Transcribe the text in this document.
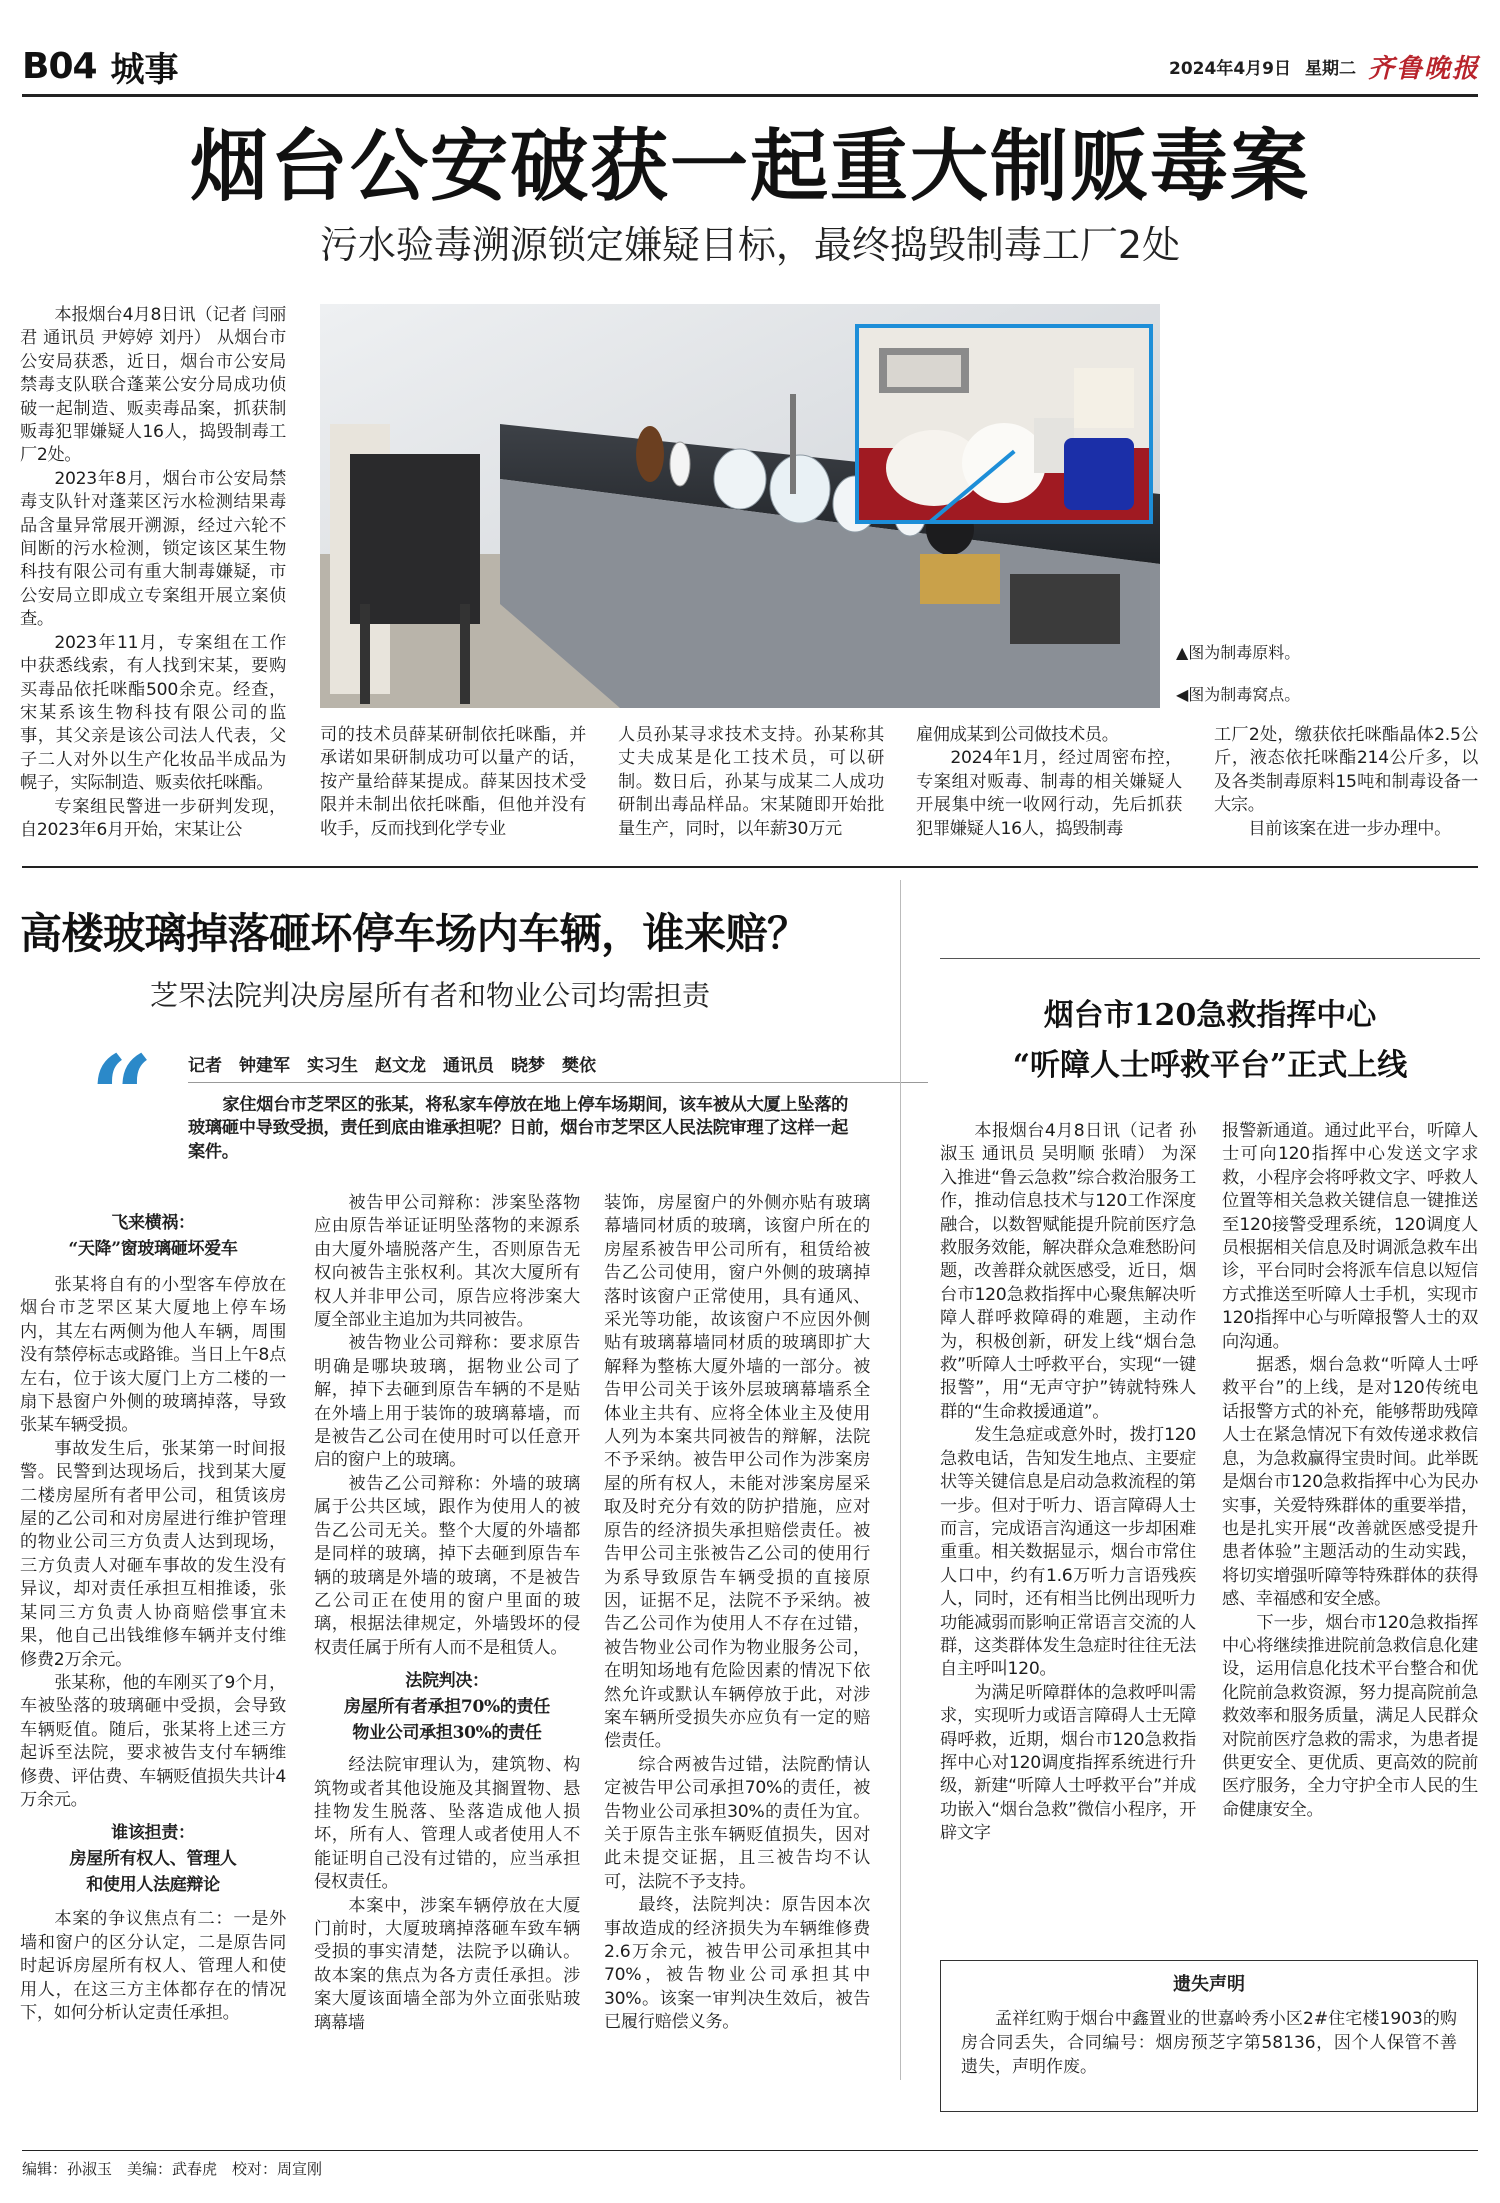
B04 城事	2024年4月9日 星期二 齐鲁晚报
烟台公安破获一起重大制贩毒案
污水验毒溯源锁定嫌疑目标，最终捣毁制毒工厂2处

本报烟台4月8日讯（记者 闫丽君 通讯员 尹婷婷 刘丹） 从烟台市公安局获悉，近日，烟台市公安局禁毒支队联合蓬莱公安分局成功侦破一起制造、贩卖毒品案，抓获制贩毒犯罪嫌疑人16人，捣毁制毒工厂2处。

2023年8月，烟台市公安局禁毒支队针对蓬莱区污水检测结果毒品含量异常展开溯源，经过六轮不间断的污水检测，锁定该区某生物科技有限公司有重大制毒嫌疑，市公安局立即成立专案组开展立案侦查。

2023年11月，专案组在工作中获悉线索，有人找到宋某，要购买毒品依托咪酯500余克。经查，宋某系该生物科技有限公司的监事，其父亲是该公司法人代表，父子二人对外以生产化妆品半成品为幌子，实际制造、贩卖依托咪酯。

专案组民警进一步研判发现，自2023年6月开始，宋某让公

▲图为制毒原料。
◀图为制毒窝点。

司的技术员薛某研制依托咪酯，并承诺如果研制成功可以量产的话，按产量给薛某提成。薛某因技术受限并未制出依托咪酯，但他并没有收手，反而找到化学专业

人员孙某寻求技术支持。孙某称其丈夫成某是化工技术员，可以研制。数日后，孙某与成某二人成功研制出毒品样品。宋某随即开始批量生产，同时，以年薪30万元

雇佣成某到公司做技术员。

2024年1月，经过周密布控，专案组对贩毒、制毒的相关嫌疑人开展集中统一收网行动，先后抓获犯罪嫌疑人16人，捣毁制毒

工厂2处，缴获依托咪酯晶体2.5公斤，液态依托咪酯214公斤多，以及各类制毒原料15吨和制毒设备一大宗。

目前该案在进一步办理中。

高楼玻璃掉落砸坏停车场内车辆，谁来赔？
芝罘法院判决房屋所有者和物业公司均需担责
“ 记者　钟建军　实习生　赵文龙　通讯员　晓梦　樊依
家住烟台市芝罘区的张某，将私家车停放在地上停车场期间，该车被从大厦上坠落的玻璃砸中导致受损，责任到底由谁承担呢？日前，烟台市芝罘区人民法院审理了这样一起案件。
飞来横祸：
“天降”窗玻璃砸坏爱车

张某将自有的小型客车停放在烟台市芝罘区某大厦地上停车场内，其左右两侧为他人车辆，周围没有禁停标志或路锥。当日上午8点左右，位于该大厦门上方二楼的一扇下悬窗户外侧的玻璃掉落，导致张某车辆受损。

事故发生后，张某第一时间报警。民警到达现场后，找到某大厦二楼房屋所有者甲公司，租赁该房屋的乙公司和对房屋进行维护管理的物业公司三方负责人达到现场，三方负责人对砸车事故的发生没有异议，却对责任承担互相推诿，张某同三方负责人协商赔偿事宜未果，他自己出钱维修车辆并支付维修费2万余元。

张某称，他的车刚买了9个月，车被坠落的玻璃砸中受损，会导致车辆贬值。随后，张某将上述三方起诉至法院，要求被告支付车辆维修费、评估费、车辆贬值损失共计4万余元。

谁该担责：
房屋所有权人、管理人
和使用人法庭辩论

本案的争议焦点有二：一是外墙和窗户的区分认定，二是原告同时起诉房屋所有权人、管理人和使用人，在这三方主体都存在的情况下，如何分析认定责任承担。

被告甲公司辩称：涉案坠落物应由原告举证证明坠落物的来源系由大厦外墙脱落产生，否则原告无权向被告主张权利。其次大厦所有权人并非甲公司，原告应将涉案大厦全部业主追加为共同被告。

被告物业公司辩称：要求原告明确是哪块玻璃，据物业公司了解，掉下去砸到原告车辆的不是贴在外墙上用于装饰的玻璃幕墙，而是被告乙公司在使用时可以任意开启的窗户上的玻璃。

被告乙公司辩称：外墙的玻璃属于公共区域，跟作为使用人的被告乙公司无关。整个大厦的外墙都是同样的玻璃，掉下去砸到原告车辆的玻璃是外墙的玻璃，不是被告乙公司正在使用的窗户里面的玻璃，根据法律规定，外墙毁坏的侵权责任属于所有人而不是租赁人。

法院判决：
房屋所有者承担70%的责任
物业公司承担30%的责任

经法院审理认为，建筑物、构筑物或者其他设施及其搁置物、悬挂物发生脱落、坠落造成他人损坏，所有人、管理人或者使用人不能证明自己没有过错的，应当承担侵权责任。

本案中，涉案车辆停放在大厦门前时，大厦玻璃掉落砸车致车辆受损的事实清楚，法院予以确认。故本案的焦点为各方责任承担。涉案大厦该面墙全部为外立面张贴玻璃幕墙

装饰，房屋窗户的外侧亦贴有玻璃幕墙同材质的玻璃，该窗户所在的房屋系被告甲公司所有，租赁给被告乙公司使用，窗户外侧的玻璃掉落时该窗户正常使用，具有通风、采光等功能，故该窗户不应因外侧贴有玻璃幕墙同材质的玻璃即扩大解释为整栋大厦外墙的一部分。被告甲公司关于该外层玻璃幕墙系全体业主共有、应将全体业主及使用人列为本案共同被告的辩解，法院不予采纳。被告甲公司作为涉案房屋的所有权人，未能对涉案房屋采取及时充分有效的防护措施，应对原告的经济损失承担赔偿责任。被告甲公司主张被告乙公司的使用行为系导致原告车辆受损的直接原因，证据不足，法院不予采纳。被告乙公司作为使用人不存在过错，被告物业公司作为物业服务公司，在明知场地有危险因素的情况下依然允许或默认车辆停放于此，对涉案车辆所受损失亦应负有一定的赔偿责任。

综合两被告过错，法院酌情认定被告甲公司承担70%的责任，被告物业公司承担30%的责任为宜。关于原告主张车辆贬值损失，因对此未提交证据，且三被告均不认可，法院不予支持。

最终，法院判决：原告因本次事故造成的经济损失为车辆维修费2.6万余元，被告甲公司承担其中70%，被告物业公司承担其中30%。该案一审判决生效后，被告已履行赔偿义务。

烟台市120急救指挥中心
“听障人士呼救平台”正式上线

本报烟台4月8日讯（记者 孙淑玉 通讯员 吴明顺 张晴） 为深入推进“鲁云急救”综合救治服务工作，推动信息技术与120工作深度融合，以数智赋能提升院前医疗急救服务效能，解决群众急难愁盼问题，改善群众就医感受，近日，烟台市120急救指挥中心聚焦解决听障人群呼救障碍的难题，主动作为，积极创新，研发上线“烟台急救”听障人士呼救平台，实现“一键报警”，用“无声守护”铸就特殊人群的“生命救援通道”。

发生急症或意外时，拨打120急救电话，告知发生地点、主要症状等关键信息是启动急救流程的第一步。但对于听力、语言障碍人士而言，完成语言沟通这一步却困难重重。相关数据显示，烟台市常住人口中，约有1.6万听力言语残疾人，同时，还有相当比例出现听力功能减弱而影响正常语言交流的人群，这类群体发生急症时往往无法自主呼叫120。

为满足听障群体的急救呼叫需求，实现听力或语言障碍人士无障碍呼救，近期，烟台市120急救指挥中心对120调度指挥系统进行升级，新建“听障人士呼救平台”并成功嵌入“烟台急救”微信小程序，开辟文字

报警新通道。通过此平台，听障人士可向120指挥中心发送文字求救，小程序会将呼救文字、呼救人位置等相关急救关键信息一键推送至120接警受理系统，120调度人员根据相关信息及时调派急救车出诊，平台同时会将派车信息以短信方式推送至听障人士手机，实现市120指挥中心与听障报警人士的双向沟通。

据悉，烟台急救“听障人士呼救平台”的上线，是对120传统电话报警方式的补充，能够帮助残障人士在紧急情况下有效传递求救信息，为急救赢得宝贵时间。此举既是烟台市120急救指挥中心为民办实事，关爱特殊群体的重要举措，也是扎实开展“改善就医感受提升患者体验”主题活动的生动实践，将切实增强听障等特殊群体的获得感、幸福感和安全感。

下一步，烟台市120急救指挥中心将继续推进院前急救信息化建设，运用信息化技术平台整合和优化院前急救资源，努力提高院前急救效率和服务质量，满足人民群众对院前医疗急救的需求，为患者提供更安全、更优质、更高效的院前医疗服务，全力守护全市人民的生命健康安全。

遗失声明
孟祥红购于烟台中鑫置业的世嘉岭秀小区2#住宅楼1903的购房合同丢失，合同编号：烟房预芝字第58136，因个人保管不善遗失，声明作废。
编辑：孙淑玉　美编：武春虎　校对：周宣刚
